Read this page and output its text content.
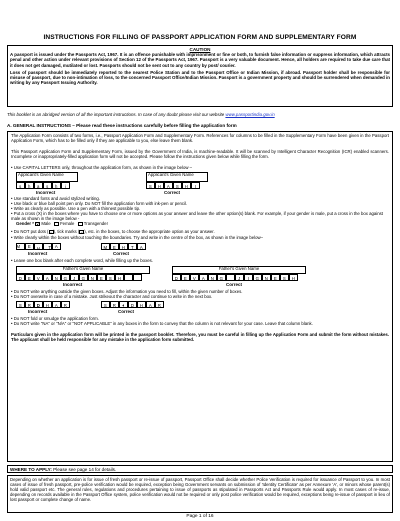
INSTRUCTIONS FOR FILLING OF PASSPORT APPLICATION FORM AND SUPPLEMENTARY FORM
CAUTION

A passport is issued under the Passports Act, 1967. It is an offence punishable with imprisonment or fine or both, to furnish false information or suppress information, which attracts penal and other action under relevant provisions of Section 12 of the Passports Act, 1967. Passport is a very valuable document. Hence, all holders are required to take due care that it does not get damaged, mutilated or lost. Passports should not be sent out to any country by post/ courier.

Loss of passport should be immediately reported to the nearest Police Station and to the Passport Office or Indian Mission, if abroad. Passport holder shall be responsible for misuse of passport, due to non-intimation of loss, to the concerned Passport Office/Indian Mission. Passport is a government property and should be surrendered when demanded in writing by any Passport Issuing Authority.

This booklet is an abridged version of all the important instructions. In case of any doubt please visit our website www.passportindia.gov.in
A. GENERAL INSTRUCTIONS – Please read these instructions carefully before filling the application form

The Application Form consists of two forms, i.e., Passport Application Form and Supplementary Form. References for columns to be filled in the Supplementary Form have been given in the Passport Application Form, which has to be filled only if they are applicable to you, else leave them blank.

This Passport Application Form and Supplementary Form, issued by the Government of India, is machine-readable. It will be scanned by Intelligent Character Recognition (ICR) enabled scanners. Incomplete or inappropriately-filled application form will not be accepted. Please follow the instructions given below while filling the form.

• Use CAPITAL LETTERS only, throughout the application form, as shown in the image below –

Applicant's Given Name
s	h	a	s	h	i
Applicant's Given Name
S	H	A	S	H	I
Incorrect	Correct

• Use standard fonts and avoid stylized writing.

• Use black or blue ball point pen only. Do NOT fill the application form with ink-pen or pencil.

• Write as clearly as possible. Use a pen with a thinnest possible tip.

• Put a cross (X) in the boxes where you have to choose one or more options as your answer and leave the other option(s) blank. For example, if your gender is male, put a cross in the box against male as shown in the image below -

Gender * X Male Female Transgender

• Do NOT put dots ( • ), tick marks (✓), etc. in the boxes, to choose the appropriate option as your answer.

• Write clearly within the boxes without touching the boundaries. Try and write in the centre of the box, as shown in the image below–

M	E	H	T A	M	E	H	T	A
Incorrect	Correct

• Leave one box blank after each complete word, while filling up the boxes.

Father's Given Name
D	E	V	A	N	G	J	G	N	E	S	H
Father's Given Name
D	E	V	A	N	G	J	I	G	N	E	S	H
Incorrect	Correct

• Do NOT write anything outside the given boxes. Adjust the information you need to fill, within the given number of boxes.

• Do NOT overwrite in case of a mistake. Just strikeout the character and continue to write in the next box.

S	R	D	H	A	R	S	R	I	D	H	A	R
Incorrect	Correct

• Do NOT fold or smudge the application form.

• Do NOT write "NA" or "N/A" or "NOT APPLICABLE" in any boxes in the form to convey that the column is not relevant for your case. Leave that column blank.

Particulars given in the application form will be printed in the passport booklet. Therefore, you must be careful in filling up the Application Form and submit the form without mistakes. The applicant shall be held responsible for any mistake in the application form submitted.

WHERE TO APPLY: Please see page 14 for details.
Depending on whether an application is for issue of fresh passport or re-issue of passport, Passport Office shall decide whether Police Verification is required for issuance of Passport to you. In most cases of issue of fresh passport, pre-police verification would be required, exception being Government servants on submission of 'Identity Certificate' as per Annexure 'A', or minors whose parent(s) hold valid passport etc. The general rules, regulations and procedures pertaining to issue of passports as stipulated in Passports Act and Passports Rule would apply. In most cases of re-issue, depending on records available in the Passport Office system, police verification would not be required or only post police verification would be required, exceptions being re-issue of passport in lieu of lost passport or complete change of name.
Page 1 of 16
